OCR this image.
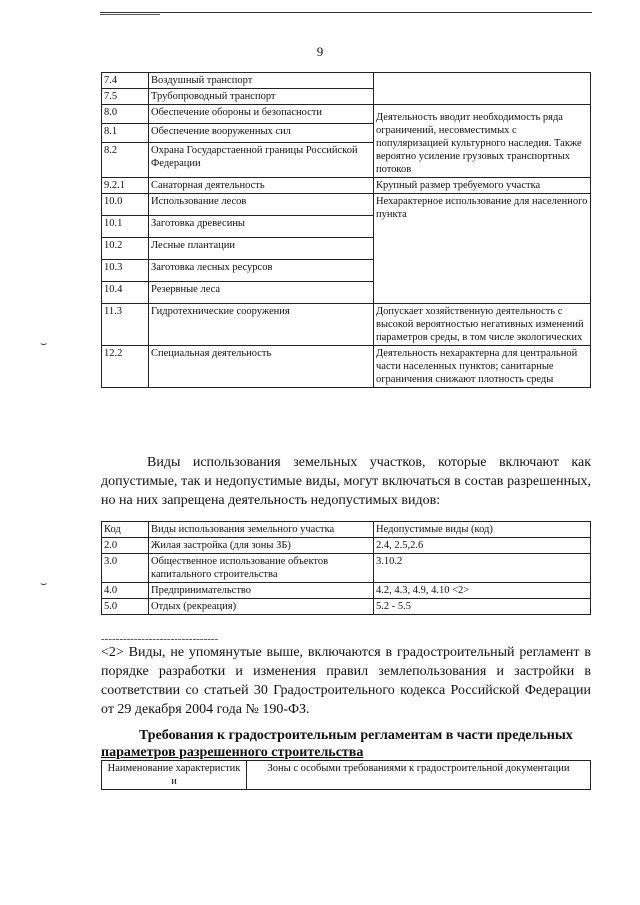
9
⌣
⌣
7.4	Воздушный транспорт	
7.5	Трубопроводный транспорт	
8.0	Обеспечение обороны и безопасности	Деятельность вводит необходимость ряда ограничений, несовместимых с популяризацией культурного наследия. Также вероятно усиление грузовых транспортных потоков
8.1	Обеспечение вооруженных сил	
8.2	Охрана Государстаенной границы Российской Федерации	
9.2.1	Санаторная деятельность	Крупный размер требуемого участка
10.0	Использование лесов	Нехарактерное использование для населенного пункта
10.1	Заготовка древесины	
10.2	Лесные плантации	
10.3	Заготовка лесных ресурсов	
10.4	Резервные леса	
11.3	Гидротехнические сооружения	Допускает хозяйственную деятельность с высокой вероятностью негативных изменений параметров среды, в том числе экологических
12.2	Специальная деятельность	Деятельность нехарактерна для центральной части населенных пунктов; санитарные ограничения снижают плотность среды
Виды использования земельных участков, которые включают как допустимые, так и недопустимые виды, могут включаться в состав разрешенных, но на них запрещена деятельность недопустимых видов:
Код	Виды использования земельного участка	Недопустимые виды (код)
2.0	Жилая застройка (для зоны ЗБ)	2.4, 2.5,2.6
3.0	Общественное использование объектов капитального строительства	3.10.2
4.0	Предпринимательство	4.2, 4.3, 4.9, 4.10 <2>
5.0	Отдых (рекреация)	5.2 - 5.5
--------------------------------
<2> Виды, не упомянутые выше, включаются в градостроительный регламент в порядке разработки и изменения правил землепользования и застройки в соответствии со статьей 30 Градостроительного кодекса Российской Федерации от 29 декабря 2004 года № 190-ФЗ.
Требования к градостроительным регламентам в части предельных
параметров разрешенного строительства
Наименование характеристик и	Зоны с особыми требованиями к градостроительной документации
